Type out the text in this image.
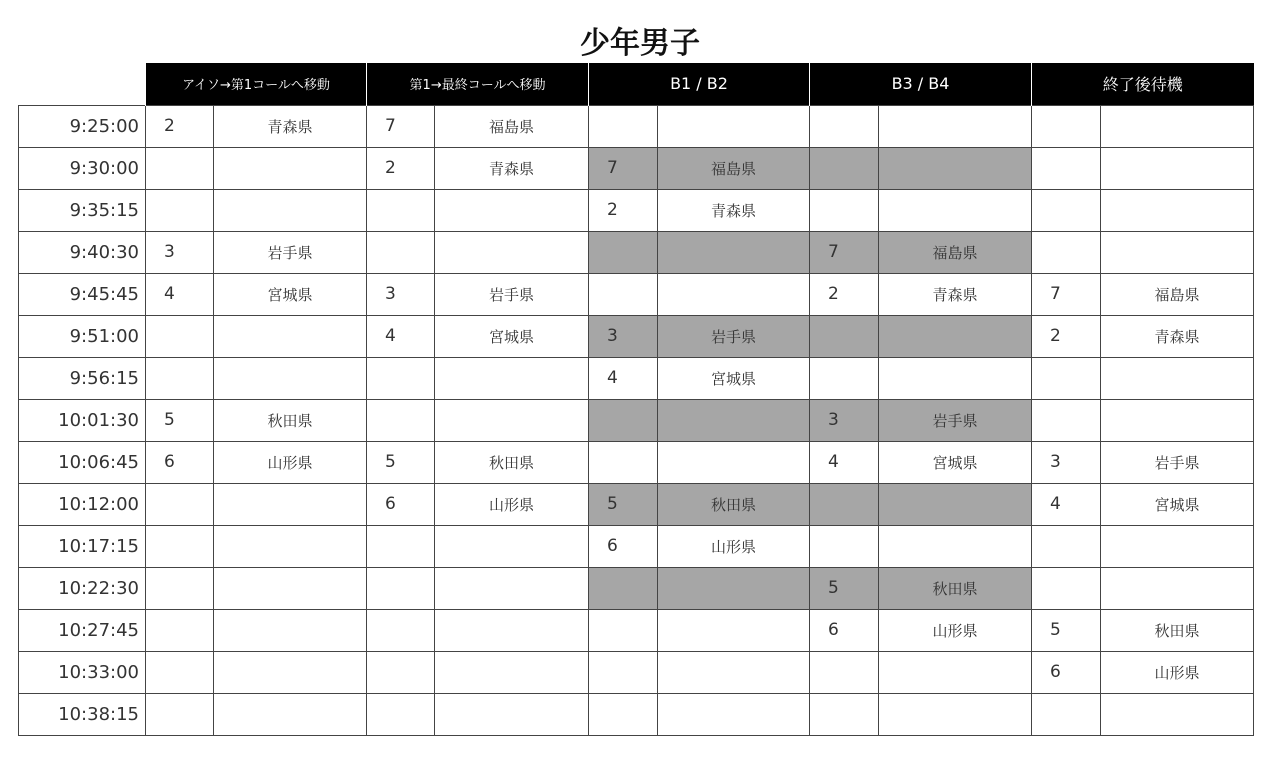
少年男子
	アイソ→第1コールへ移動		第1→最終コールへ移動		B1 / B2		B3 / B4		終了後待機	
9:25:00	2	青森県	7	福島県						
9:30:00			2	青森県	7	福島県				
9:35:15					2	青森県				
9:40:30	3	岩手県					7	福島県		
9:45:45	4	宮城県	3	岩手県			2	青森県	7	福島県
9:51:00			4	宮城県	3	岩手県			2	青森県
9:56:15					4	宮城県				
10:01:30	5	秋田県					3	岩手県		
10:06:45	6	山形県	5	秋田県			4	宮城県	3	岩手県
10:12:00			6	山形県	5	秋田県			4	宮城県
10:17:15					6	山形県				
10:22:30							5	秋田県		
10:27:45							6	山形県	5	秋田県
10:33:00									6	山形県
10:38:15										
